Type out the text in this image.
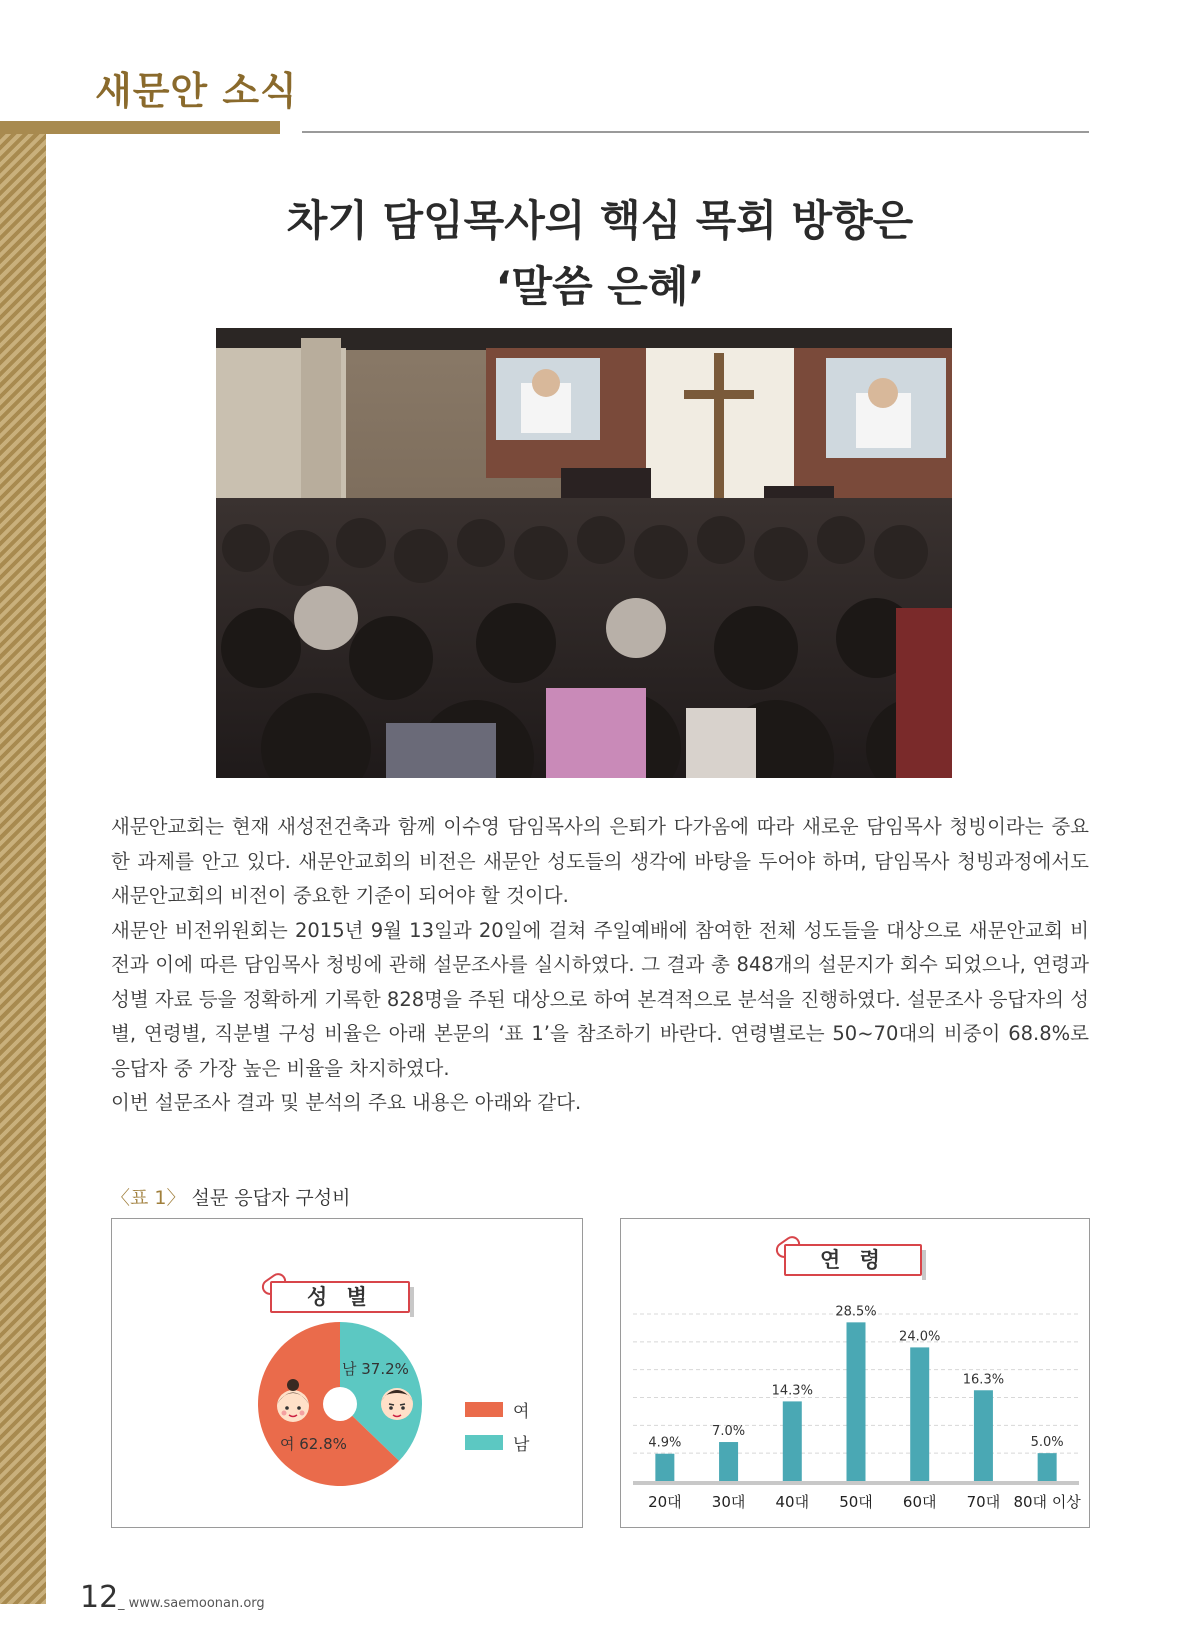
새문안 소식
차기 담임목사의 핵심 목회 방향은
‘말씀 은혜’

새문안교회는 현재 새성전건축과 함께 이수영 담임목사의 은퇴가 다가옴에 따라 새로운 담임목사 청빙이라는 중요한 과제를 안고 있다. 새문안교회의 비전은 새문안 성도들의 생각에 바탕을 두어야 하며, 담임목사 청빙과정에서도 새문안교회의 비전이 중요한 기준이 되어야 할 것이다.

새문안 비전위원회는 2015년 9월 13일과 20일에 걸쳐 주일예배에 참여한 전체 성도들을 대상으로 새문안교회 비전과 이에 따른 담임목사 청빙에 관해 설문조사를 실시하였다. 그 결과 총 848개의 설문지가 회수 되었으나, 연령과 성별 자료 등을 정확하게 기록한 828명을 주된 대상으로 하여 본격적으로 분석을 진행하였다. 설문조사 응답자의 성별, 연령별, 직분별 구성 비율은 아래 본문의 ‘표 1’을 참조하기 바란다. 연령별로는 50~70대의 비중이 68.8%로 응답자 중 가장 높은 비율을 차지하였다.

이번 설문조사 결과 및 분석의 주요 내용은 아래와 같다.

〈표 1〉 설문 응답자 구성비
성 별
남 37.2%
여 62.8%
여
남
연 령
4.9%
20대
7.0%
30대
14.3%
40대
28.5%
50대
24.0%
60대
16.3%
70대
5.0%
80대 이상
12 _ www.saemoonan.org
